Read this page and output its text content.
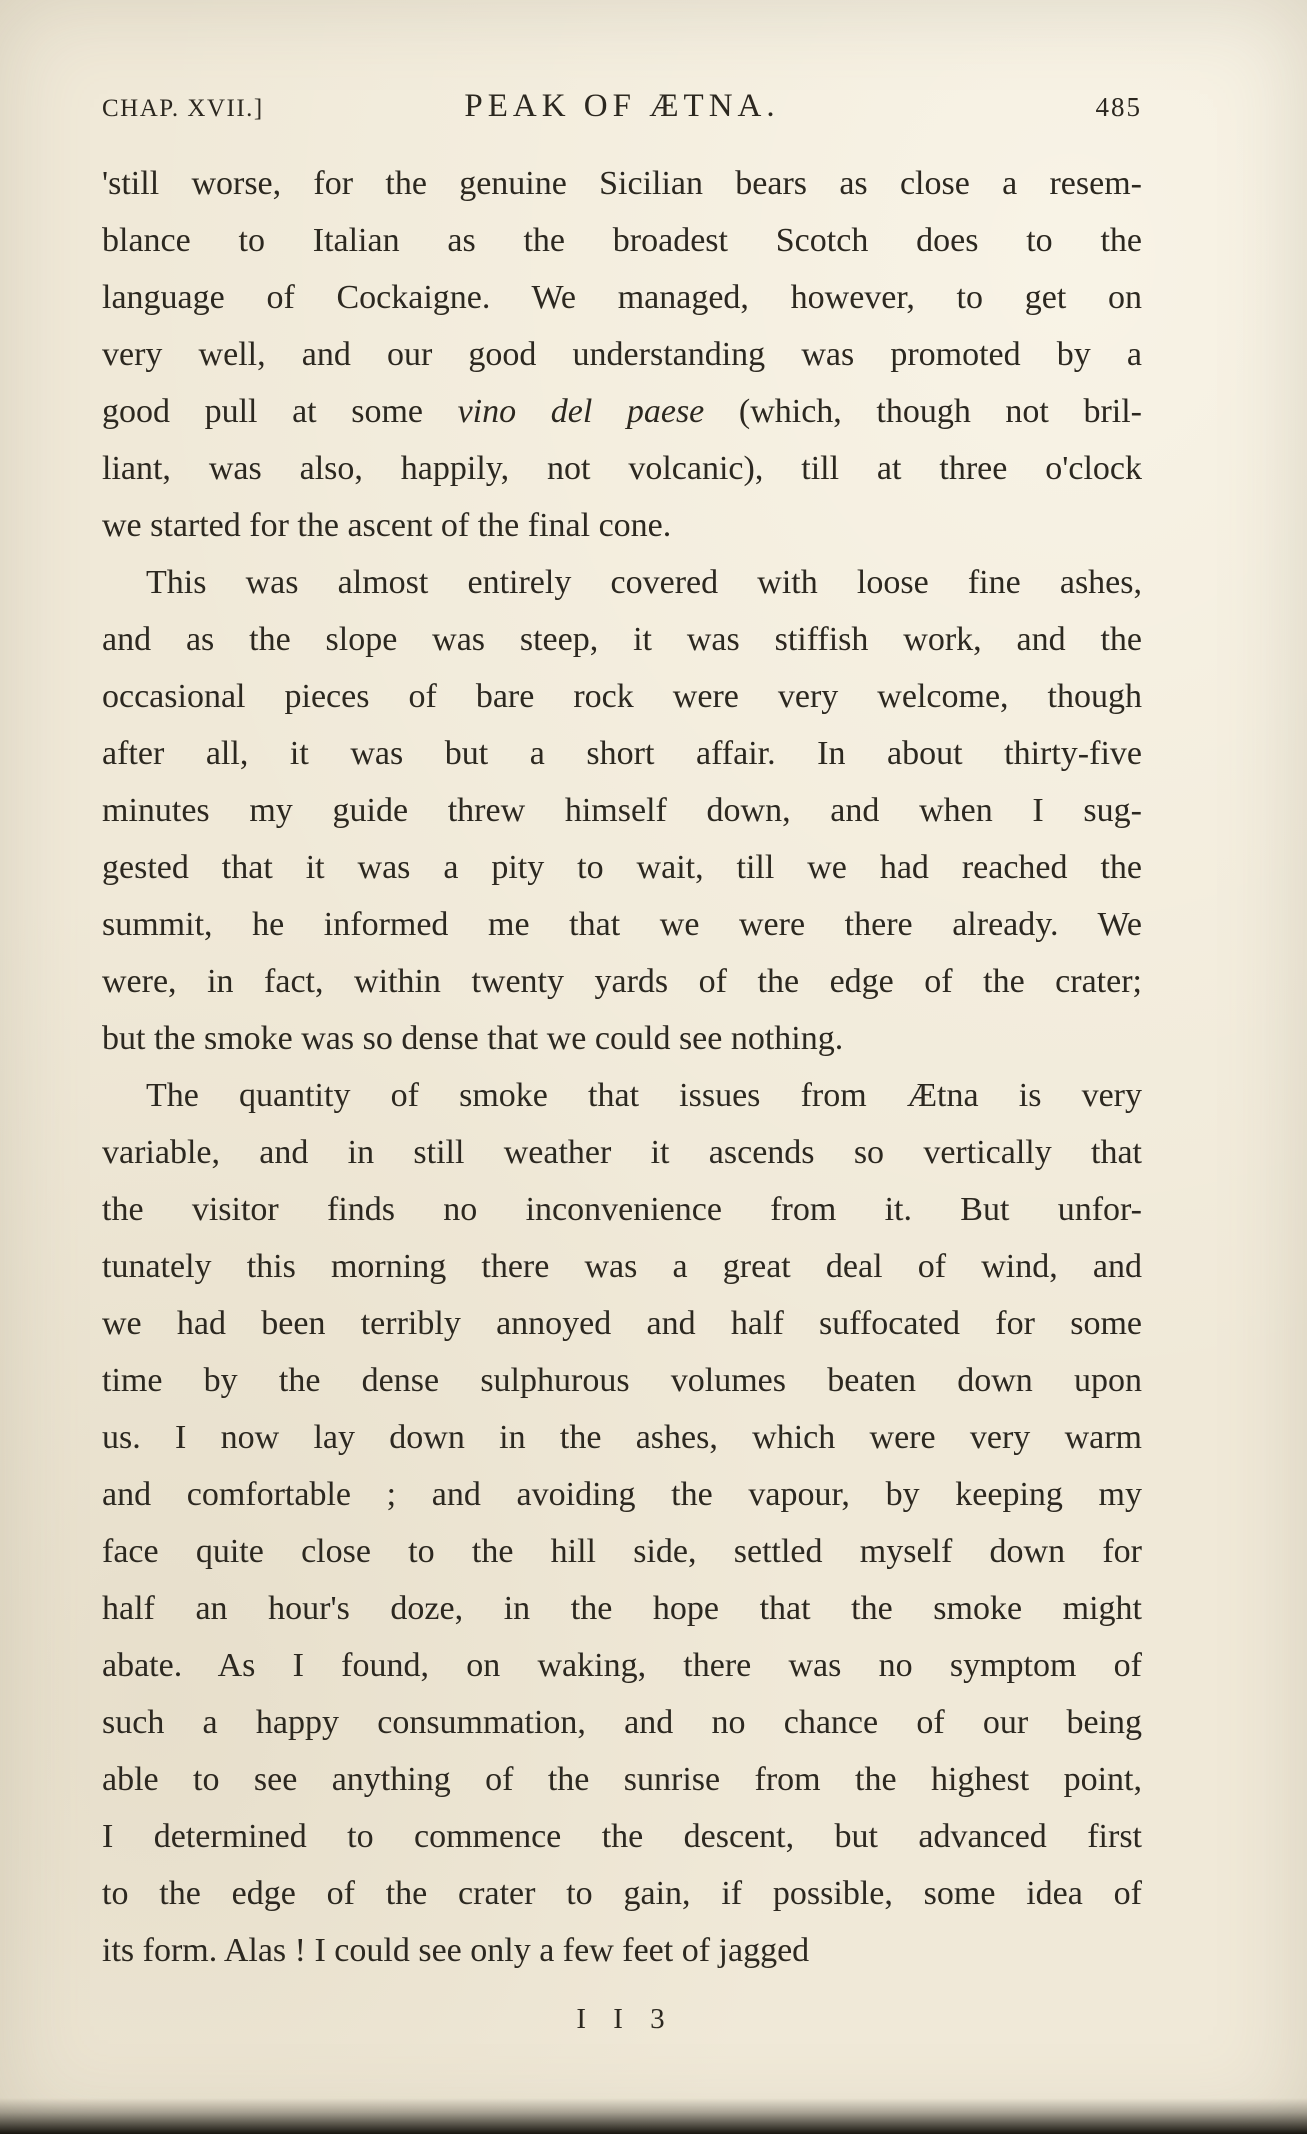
CHAP. XVII.]	PEAK OF ÆTNA.	485
'still worse, for the genuine Sicilian bears as close a resem-
blance to Italian as the broadest Scotch does to the
language of Cockaigne. We managed, however, to get on
very well, and our good understanding was promoted by a
good pull at some vino del paese (which, though not bril-
liant, was also, happily, not volcanic), till at three o'clock
we started for the ascent of the final cone.
This was almost entirely covered with loose fine ashes,
and as the slope was steep, it was stiffish work, and the
occasional pieces of bare rock were very welcome, though
after all, it was but a short affair. In about thirty-five
minutes my guide threw himself down, and when I sug-
gested that it was a pity to wait, till we had reached the
summit, he informed me that we were there already. We
were, in fact, within twenty yards of the edge of the crater;
but the smoke was so dense that we could see nothing.
The quantity of smoke that issues from Ætna is very
variable, and in still weather it ascends so vertically that
the visitor finds no inconvenience from it. But unfor-
tunately this morning there was a great deal of wind, and
we had been terribly annoyed and half suffocated for some
time by the dense sulphurous volumes beaten down upon
us. I now lay down in the ashes, which were very warm
and comfortable ; and avoiding the vapour, by keeping my
face quite close to the hill side, settled myself down for
half an hour's doze, in the hope that the smoke might
abate. As I found, on waking, there was no symptom of
such a happy consummation, and no chance of our being
able to see anything of the sunrise from the highest point,
I determined to commence the descent, but advanced first
to the edge of the crater to gain, if possible, some idea of
its form. Alas ! I could see only a few feet of jagged
I I 3
